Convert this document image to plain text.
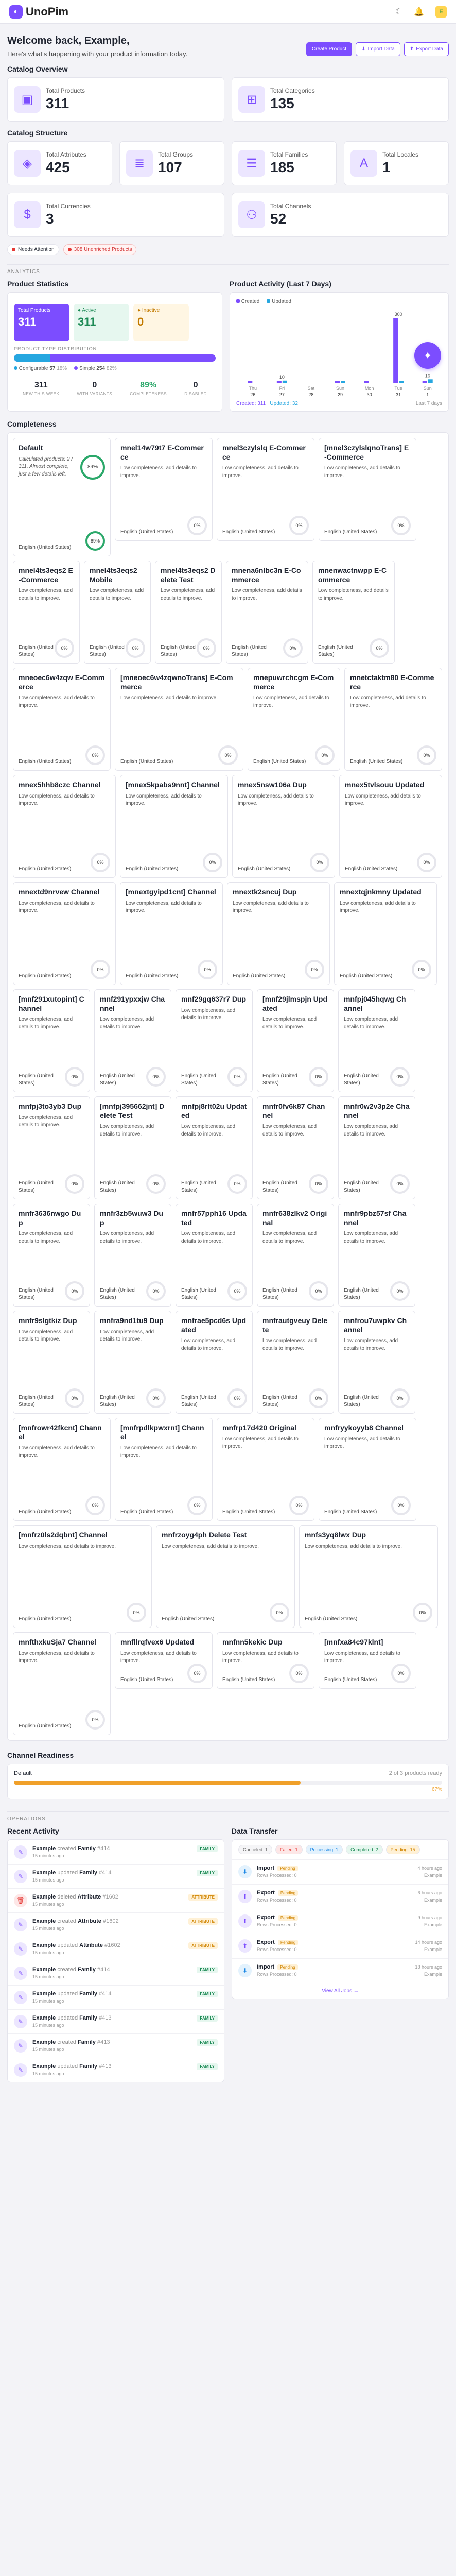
◐ UnoPim	☾ 🔔	E
Welcome back, Example,

Here's what's happening with your product information today.

Create Product	⬇ Import Data	⬆ Export Data
Catalog Overview
▣
Total Products
311	⊞
Total Categories
135
Catalog Structure
◈
Total Attributes
425	≣
Total Groups
107	☰
Total Families
185	A
Total Locales
1
$
Total Currencies
3	⚇
Total Channels
52
Needs Attention	308 Unenriched Products
ANALYTICS
Product Statistics
Total Products
311
● Active
311
● Inactive
0
PRODUCT TYPE DISTRIBUTION
Configurable 57 18%	Simple 254 82%
311
NEW THIS WEEK
0
WITH VARIANTS
89%
COMPLETENESS
0
DISABLED
Product Activity (Last 7 Days)
Created	Updated
Thu
26
10
Fri
27
Sat
28
Sun
29
Mon
30
300
Tue
31
16
Sun
1
Created: 311 Updated: 32	Last 7 days
✦
Completeness
Default
Calculated products: 2 / 311. Almost complete, just a few details left.
89%
English (United States)
89%
mnel14w79t7 E-Commerce
Low completeness, add details to improve.
English (United States)
0%
mnel3czylslq E-Commerce
Low completeness, add details to improve.
English (United States)
0%
[mnel3czylslqnoTrans] E-Commerce
Low completeness, add details to improve.
English (United States)
0%
mnel4ts3eqs2 E-Commerce
Low completeness, add details to improve.
English (United States)
0%
mnel4ts3eqs2 Mobile
Low completeness, add details to improve.
English (United States)
0%
mnel4ts3eqs2 Delete Test
Low completeness, add details to improve.
English (United States)
0%
mnena6nlbc3n E-Commerce
Low completeness, add details to improve.
English (United States)
0%
mnenwactnwpp E-Commerce
Low completeness, add details to improve.
English (United States)
0%
mneoec6w4zqw E-Commerce
Low completeness, add details to improve.
English (United States)
0%
[mneoec6w4zqwnoTrans] E-Commerce
Low completeness, add details to improve.
English (United States)
0%
mnepuwrchcgm E-Commerce
Low completeness, add details to improve.
English (United States)
0%
mnetctaktm80 E-Commerce
Low completeness, add details to improve.
English (United States)
0%
mnex5hhb8czc Channel
Low completeness, add details to improve.
English (United States)
0%
[mnex5kpabs9nnt] Channel
Low completeness, add details to improve.
English (United States)
0%
mnex5nsw106a Dup
Low completeness, add details to improve.
English (United States)
0%
mnex5tvlsouu Updated
Low completeness, add details to improve.
English (United States)
0%
mnextd9nrvew Channel
Low completeness, add details to improve.
English (United States)
0%
[mnextgyipd1cnt] Channel
Low completeness, add details to improve.
English (United States)
0%
mnextk2sncuj Dup
Low completeness, add details to improve.
English (United States)
0%
mnextqjnkmny Updated
Low completeness, add details to improve.
English (United States)
0%
[mnf291xutopint] Channel
Low completeness, add details to improve.
English (United States)
0%
mnf291ypxxjw Channel
Low completeness, add details to improve.
English (United States)
0%
mnf29gq637r7 Dup
Low completeness, add details to improve.
English (United States)
0%
[mnf29jlmspjn Updated
Low completeness, add details to improve.
English (United States)
0%
mnfpj045hqwg Channel
Low completeness, add details to improve.
English (United States)
0%
mnfpj3to3yb3 Dup
Low completeness, add details to improve.
English (United States)
0%
[mnfpj395662jnt] Delete Test
Low completeness, add details to improve.
English (United States)
0%
mnfpj8rlt02u Updated
Low completeness, add details to improve.
English (United States)
0%
mnfr0fv6k87 Channel
Low completeness, add details to improve.
English (United States)
0%
mnfr0w2v3p2e Channel
Low completeness, add details to improve.
English (United States)
0%
mnfr3636nwgo Dup
Low completeness, add details to improve.
English (United States)
0%
mnfr3zb5wuw3 Dup
Low completeness, add details to improve.
English (United States)
0%
mnfr57pph16 Updated
Low completeness, add details to improve.
English (United States)
0%
mnfr638zlkv2 Original
Low completeness, add details to improve.
English (United States)
0%
mnfr9pbz57sf Channel
Low completeness, add details to improve.
English (United States)
0%
mnfr9slgtkiz Dup
Low completeness, add details to improve.
English (United States)
0%
mnfra9nd1tu9 Dup
Low completeness, add details to improve.
English (United States)
0%
mnfrae5pcd6s Updated
Low completeness, add details to improve.
English (United States)
0%
mnfrautgveuy Delete
Low completeness, add details to improve.
English (United States)
0%
mnfrou7uwpkv Channel
Low completeness, add details to improve.
English (United States)
0%
[mnfrowr42fkcnt] Channel
Low completeness, add details to improve.
English (United States)
0%
[mnfrpdlkpwxrnt] Channel
Low completeness, add details to improve.
English (United States)
0%
mnfrp17d420 Original
Low completeness, add details to improve.
English (United States)
0%
mnfryykoyyb8 Channel
Low completeness, add details to improve.
English (United States)
0%
[mnfrz0ls2dqbnt] Channel
Low completeness, add details to improve.
English (United States)
0%
mnfrzoyg4ph Delete Test
Low completeness, add details to improve.
English (United States)
0%
mnfs3yq8lwx Dup
Low completeness, add details to improve.
English (United States)
0%
mnfthxkuSja7 Channel
Low completeness, add details to improve.
English (United States)
0%
mnfllrqfvex6 Updated
Low completeness, add details to improve.
English (United States)
0%
mnfnn5kekic Dup
Low completeness, add details to improve.
English (United States)
0%
[mnfxa84c97klnt]
Low completeness, add details to improve.
English (United States)
0%
Channel Readiness
Default	2 of 3 products ready
67%
OPERATIONS
Recent Activity
✎	Example created Family #414
15 minutes ago
FAMILY
✎	Example updated Family #414
15 minutes ago
FAMILY
🗑	Example deleted Attribute #1602
15 minutes ago
ATTRIBUTE
✎	Example created Attribute #1602
15 minutes ago
ATTRIBUTE
✎	Example updated Attribute #1602
15 minutes ago
ATTRIBUTE
✎	Example created Family #414
15 minutes ago
FAMILY
✎	Example updated Family #414
15 minutes ago
FAMILY
✎	Example updated Family #413
15 minutes ago
FAMILY
✎	Example created Family #413
15 minutes ago
FAMILY
✎	Example updated Family #413
15 minutes ago
FAMILY
Data Transfer
Canceled: 1	Failed: 1	Processing: 1	Completed: 2	Pending: 15
⬇	Import Pending
Rows Processed: 0
4 hours ago
Example
⬆	Export Pending
Rows Processed: 0
6 hours ago
Example
⬆	Export Pending
Rows Processed: 0
9 hours ago
Example
⬆	Export Pending
Rows Processed: 0
14 hours ago
Example
⬇	Import Pending
Rows Processed: 0
18 hours ago
Example
View All Jobs →
